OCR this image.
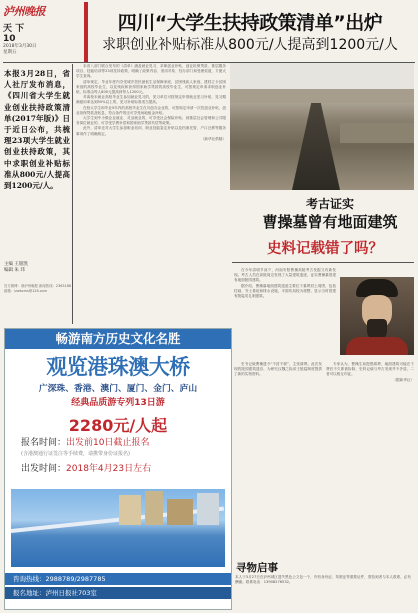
泸州晚报
天 下
10
2018年3月30日
星期五
四川“大学生扶持政策清单”出炉
求职创业补贴标准从800元/人提高到1200元/人
本报3月28日，省人社厅发布消息，《四川省大学生就业创业扶持政策清单(2017年版)》日于近日公布，共梳理23项大学生就业创业扶持政策，其中求职创业补贴标准从800元/人提高到1200元/人。
主编 王银凯
编辑 朱 玮
官方微博：@泸州晚报 新闻热线：2363188 邮箱：lzwbcms@126.com

本省八部门联合发布的《清单》涵盖就业见习、求职创业补贴、创业担保贷款、基层服务项目、技能培训等23项扶持政策，明确了政策内容、适用对象、经办部门和受理渠道，方便大学生查询。

清单规定，毕业年度内享受城乡居民最低生活保障家庭、贫困残疾人家庭、建档立卡贫困家庭的高校毕业生，以及残疾和获得国家助学贷款的高校毕业生，可按规定申请求职创业补贴，标准由每人800元提高到每人1200元。

对离校未就业高校毕业生参加就业见习的，见习单位可按规定申领就业见习补贴，见习期满留用率达到50%以上的，见习补贴标准适当提高。

在校大学生和毕业5年内的高校毕业生在川创办企业的，可按规定申请一次性创业补贴、创业担保贷款及贴息，符合条件的还可享受场地租金补贴。

大学生到中小微企业就业、灵活就业的，可享受社会保险补贴；到基层社会管理和公共服务岗位就业的，可享受学费补偿和国家助学贷款代偿等政策。

此外，清单还对大学生参加职业培训、职业技能鉴定补贴以及档案托管、户口迁移等服务事项作了明确规定。

（新华社供稿）

考古证实
曹操墓曾有地面建筑
史料记载错了吗？

在今年清明节前夕，河南安阳曹操高陵考古发掘又有新发现。考古人员在高陵周边发现了大量建筑遗迹，证实曹操墓曾建有地面陵园建筑。

据介绍，曹操墓地面建筑遗迹主要位于墓葬封土周围，包括柱础、夯土基址和排水设施，平面布局较为规整，显示当时曾建有陵寝类礼制建筑。

史书记载曹操遗令“不封不树”，主张薄葬。此次发现的陵园建筑遗存，为研究汉魏之际帝王陵寝制度提供了新的实物资料。

专家认为，曹操生前提倡薄葬，地面建筑可能在下葬后不久即被拆除，史料记载与考古发现并不矛盾，二者可以相互印证。

（据新华社）

畅游南方历史文化名胜
观览港珠澳大桥
广深珠、香港、澳门、厦门、金门、庐山
经典品质游专列13日游
2280元/人起
报名时间：出发前10日截止报名
(含港澳通行证签注等手续费，请携带身份证报名)
出发时间：2018年4月23日左右
咨询热线：2988789/2987785
报名地址：泸州日报社703室
寻物启事
本人于3月27日在泸州城区遗失黑色公文包一个，内有身份证、驾驶证等重要证件，望拾到者与本人联系，必有酬谢。联系电话：13908276532。
